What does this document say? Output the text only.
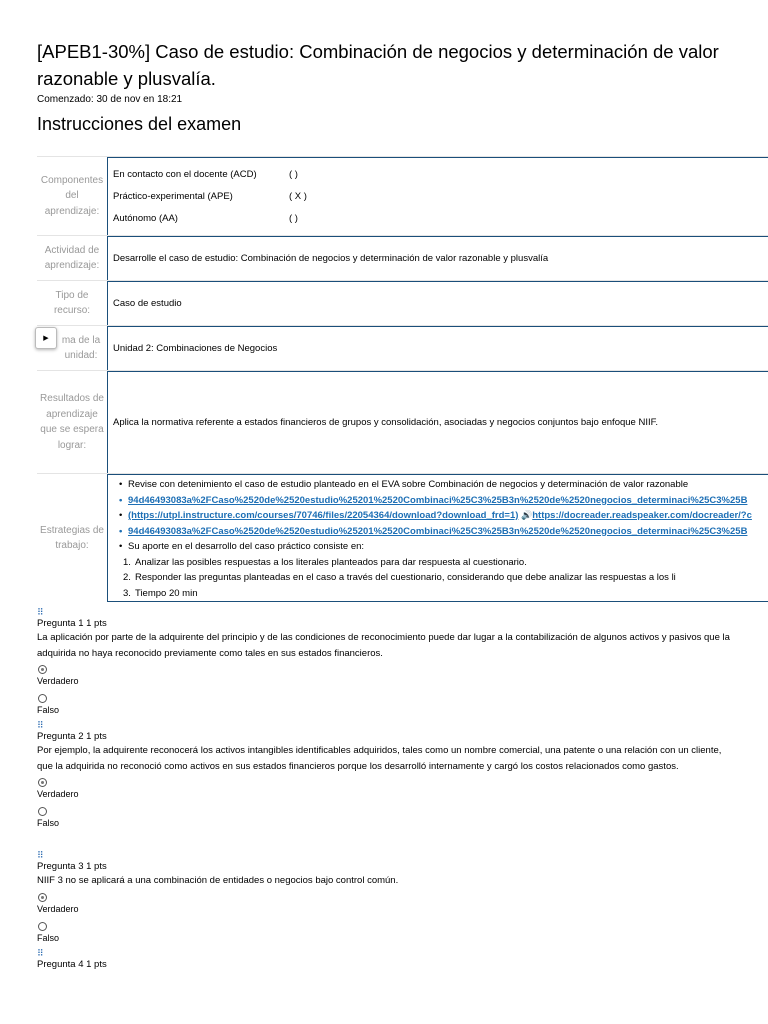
[APEB1-30%] Caso de estudio: Combinación de negocios y determinación de valor razonable y plusvalía.
Comenzado: 30 de nov en 18:21
Instrucciones del examen
Componentes del aprendizaje:
En contacto con el docente (ACD)	( )
Práctico-experimental (APE)	( X )
Autónomo (AA)	( )
Actividad de aprendizaje:
Desarrolle el caso de estudio: Combinación de negocios y determinación de valor razonable y plusvalía
Tipo de recurso:
Caso de estudio
ma de la unidad:
Unidad 2: Combinaciones de Negocios
Resultados de aprendizaje que se espera lograr:
Aplica la normativa referente a estados financieros de grupos y consolidación, asociadas y negocios conjuntos bajo enfoque NIIF.
Estrategias de trabajo:
• Revise con detenimiento el caso de estudio planteado en el EVA sobre Combinación de negocios y determinación de valor razonable
• 94d46493083a%2FCaso%2520de%2520estudio%25201%2520Combinaci%25C3%25B3n%2520de%2520negocios_determinaci%25C3%25B
• (https://utpl.instructure.com/courses/70746/files/22054364/download?download_frd=1) 🔊https://docreader.readspeaker.com/docreader/?c
• 94d46493083a%2FCaso%2520de%2520estudio%25201%2520Combinaci%25C3%25B3n%2520de%2520negocios_determinaci%25C3%25B
• Su aporte en el desarrollo del caso práctico consiste en:
1. Analizar las posibles respuestas a los literales planteados para dar respuesta al cuestionario.
2. Responder las preguntas planteadas en el caso a través del cuestionario, considerando que debe analizar las respuestas a los li
3. Tiempo 20 min
▶
⠿
Pregunta 1 1 pts
La aplicación por parte de la adquirente del principio y de las condiciones de reconocimiento puede dar lugar a la contabilización de algunos activos y pasivos que la adquirida no haya reconocido previamente como tales en sus estados financieros.
Verdadero
Falso
⠿
Pregunta 2 1 pts
Por ejemplo, la adquirente reconocerá los activos intangibles identificables adquiridos, tales como un nombre comercial, una patente o una relación con un cliente, que la adquirida no reconoció como activos en sus estados financieros porque los desarrolló internamente y cargó los costos relacionados como gastos.
Verdadero
Falso
⠿
Pregunta 3 1 pts
NIIF 3 no se aplicará a una combinación de entidades o negocios bajo control común.
Verdadero
Falso
⠿
Pregunta 4 1 pts
